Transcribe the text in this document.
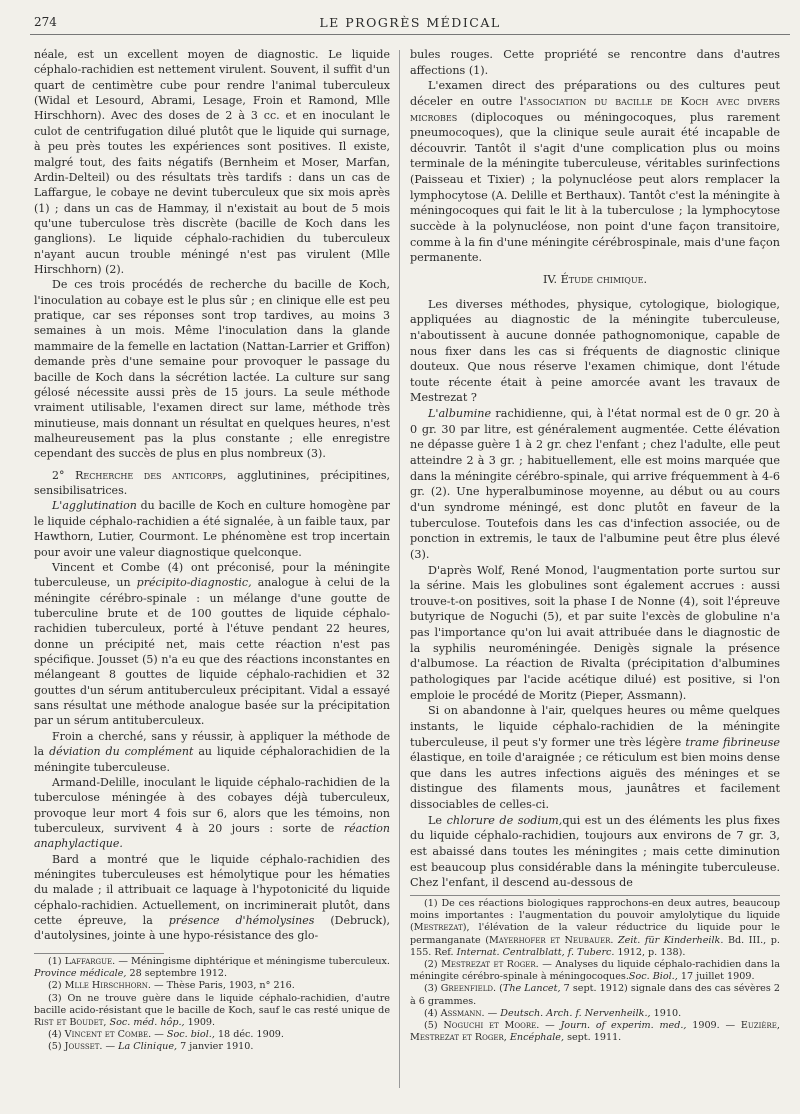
274	LE PROGRÈS MÉDICAL

néale, est un excellent moyen de diagnostic. Le liquide céphalo-rachidien est nettement virulent. Souvent, il suffit d'un quart de centimètre cube pour rendre l'animal tuberculeux (Widal et Lesourd, Abrami, Lesage, Froin et Ramond, Mlle Hirschhorn). Avec des doses de 2 à 3 cc. et en inoculant le culot de centrifugation dilué plutôt que le liquide qui surnage, à peu près toutes les expériences sont positives. Il existe, malgré tout, des faits négatifs (Bernheim et Moser, Marfan, Ardin-Delteil) ou des résultats très tardifs : dans un cas de Laffargue, le cobaye ne devint tuberculeux que six mois après (1) ; dans un cas de Hammay, il n'existait au bout de 5 mois qu'une tuberculose très discrète (bacille de Koch dans les ganglions). Le liquide céphalo-rachidien du tuberculeux n'ayant aucun trouble méningé n'est pas virulent (Mlle Hirschhorn) (2).

De ces trois procédés de recherche du bacille de Koch, l'inoculation au cobaye est le plus sûr ; en clinique elle est peu pratique, car ses réponses sont trop tardives, au moins 3 semaines à un mois. Même l'inoculation dans la glande mammaire de la femelle en lactation (Nattan-Larrier et Griffon) demande près d'une semaine pour provoquer le passage du bacille de Koch dans la sécrétion lactée. La culture sur sang gélosé nécessite aussi près de 15 jours. La seule méthode vraiment utilisable, l'examen direct sur lame, méthode très minutieuse, mais donnant un résultat en quelques heures, n'est malheureusement pas la plus constante ; elle enregistre cependant des succès de plus en plus nombreux (3).

2° Recherche des anticorps, agglutinines, précipitines, sensibilisatrices.

L'agglutination du bacille de Koch en culture homogène par le liquide céphalo-rachidien a été signalée, à un faible taux, par Hawthorn, Lutier, Courmont. Le phénomène est trop incertain pour avoir une valeur diagnostique quelconque.

Vincent et Combe (4) ont préconisé, pour la méningite tuberculeuse, un précipito-diagnostic, analogue à celui de la méningite cérébro-spinale : un mélange d'une goutte de tuberculine brute et de 100 gouttes de liquide céphalo-rachidien tuberculeux, porté à l'étuve pendant 22 heures, donne un précipité net, mais cette réaction n'est pas spécifique. Jousset (5) n'a eu que des réactions inconstantes en mélangeant 8 gouttes de liquide céphalo-rachidien et 32 gouttes d'un sérum antituberculeux précipitant. Vidal a essayé sans résultat une méthode analogue basée sur la précipitation par un sérum antituberculeux.

Froin a cherché, sans y réussir, à appliquer la méthode de la déviation du complément au liquide céphalorachidien de la méningite tuberculeuse.

Armand-Delille, inoculant le liquide céphalo-rachidien de la tuberculose méningée à des cobayes déjà tuberculeux, provoque leur mort 4 fois sur 6, alors que les témoins, non tuberculeux, survivent 4 à 20 jours : sorte de réaction anaphylactique.

Bard a montré que le liquide céphalo-rachidien des méningites tuberculeuses est hémolytique pour les hématies du malade ; il attribuait ce laquage à l'hypotonicité du liquide céphalo-rachidien. Actuellement, on incriminerait plutôt, dans cette épreuve, la présence d'hémolysines (Debruck), d'autolysines, jointe à une hypo-résistance des glo-

(1) Laffargue. — Méningisme diphtérique et méningisme tuberculeux. Province médicale, 28 septembre 1912.

(2) Mlle Hirschhorn. — Thèse Paris, 1903, n° 216.

(3) On ne trouve guère dans le liquide céphalo-rachidien, d'autre bacille acido-résistant que le bacille de Koch, sauf le cas resté unique de Rist et Boudet, Soc. méd. hôp., 1909.

(4) Vincent et Combe. — Soc. biol., 18 déc. 1909.

(5) Jousset. — La Clinique, 7 janvier 1910.

bules rouges. Cette propriété se rencontre dans d'autres affections (1).

L'examen direct des préparations ou des cultures peut déceler en outre l'association du bacille de Koch avec divers microbes (diplocoques ou méningocoques, plus rarement pneumocoques), que la clinique seule aurait été incapable de découvrir. Tantôt il s'agit d'une complication plus ou moins terminale de la méningite tuberculeuse, véritables surinfections (Paisseau et Tixier) ; la polynucléose peut alors remplacer la lymphocytose (A. Delille et Berthaux). Tantôt c'est la méningite à méningocoques qui fait le lit à la tuberculose ; la lymphocytose succède à la polynucléose, non point d'une façon transitoire, comme à la fin d'une méningite cérébrospinale, mais d'une façon permanente.

IV. Étude chimique.

Les diverses méthodes, physique, cytologique, biologique, appliquées au diagnostic de la méningite tuberculeuse, n'aboutissent à aucune donnée pathognomonique, capable de nous fixer dans les cas si fréquents de diagnostic clinique douteux. Que nous réserve l'examen chimique, dont l'étude toute récente était à peine amorcée avant les travaux de Mestrezat ?

L'albumine rachidienne, qui, à l'état normal est de 0 gr. 20 à 0 gr. 30 par litre, est généralement augmentée. Cette élévation ne dépasse guère 1 à 2 gr. chez l'enfant ; chez l'adulte, elle peut atteindre 2 à 3 gr. ; habituellement, elle est moins marquée que dans la méningite cérébro-spinale, qui arrive fréquemment à 4-6 gr. (2). Une hyperalbuminose moyenne, au début ou au cours d'un syndrome méningé, est donc plutôt en faveur de la tuberculose. Toutefois dans les cas d'infection associée, ou de ponction in extremis, le taux de l'albumine peut être plus élevé (3).

D'après Wolf, René Monod, l'augmentation porte surtou sur la sérine. Mais les globulines sont également accrues : aussi trouve-t-on positives, soit la phase I de Nonne (4), soit l'épreuve butyrique de Noguchi (5), et par suite l'excès de globuline n'a pas l'importance qu'on lui avait attribuée dans le diagnostic de la syphilis neuroméningée. Denigès signale la présence d'albumose. La réaction de Rivalta (précipitation d'albumines pathologiques par l'acide acétique dilué) est positive, si l'on emploie le procédé de Moritz (Pieper, Assmann).

Si on abandonne à l'air, quelques heures ou même quelques instants, le liquide céphalo-rachidien de la méningite tuberculeuse, il peut s'y former une très légère trame fibrineuse élastique, en toile d'araignée ; ce réticulum est bien moins dense que dans les autres infections aiguës des méninges et se distingue des filaments mous, jaunâtres et facilement dissociables de celles-ci.

Le chlorure de sodium,qui est un des éléments les plus fixes du liquide céphalo-rachidien, toujours aux environs de 7 gr. 3, est abaissé dans toutes les méningites ; mais cette diminution est beaucoup plus considérable dans la méningite tuberculeuse. Chez l'enfant, il descend au-dessous de

(1) De ces réactions biologiques rapprochons-en deux autres, beaucoup moins importantes : l'augmentation du pouvoir amylolytique du liquide (Mestrezat), l'élévation de la valeur réductrice du liquide pour le permanganate (Mayerhofer et Neubauer. Zeit. für Kinderheilk. Bd. III., p. 155. Ref. Internat. Centralblatt, f. Tuberc. 1912, p. 138).

(2) Mestrezat et Roger. — Analyses du liquide céphalo-rachidien dans la méningite cérébro-spinale à méningocoques.Soc. Biol., 17 juillet 1909.

(3) Greenfield. (The Lancet, 7 sept. 1912) signale dans des cas sévères 2 à 6 grammes.

(4) Assmann. — Deutsch. Arch. f. Nervenheilk., 1910.

(5) Noguchi et Moore. — Journ. of experim. med., 1909. — Euzière, Mestrezat et Roger, Encéphale, sept. 1911.
